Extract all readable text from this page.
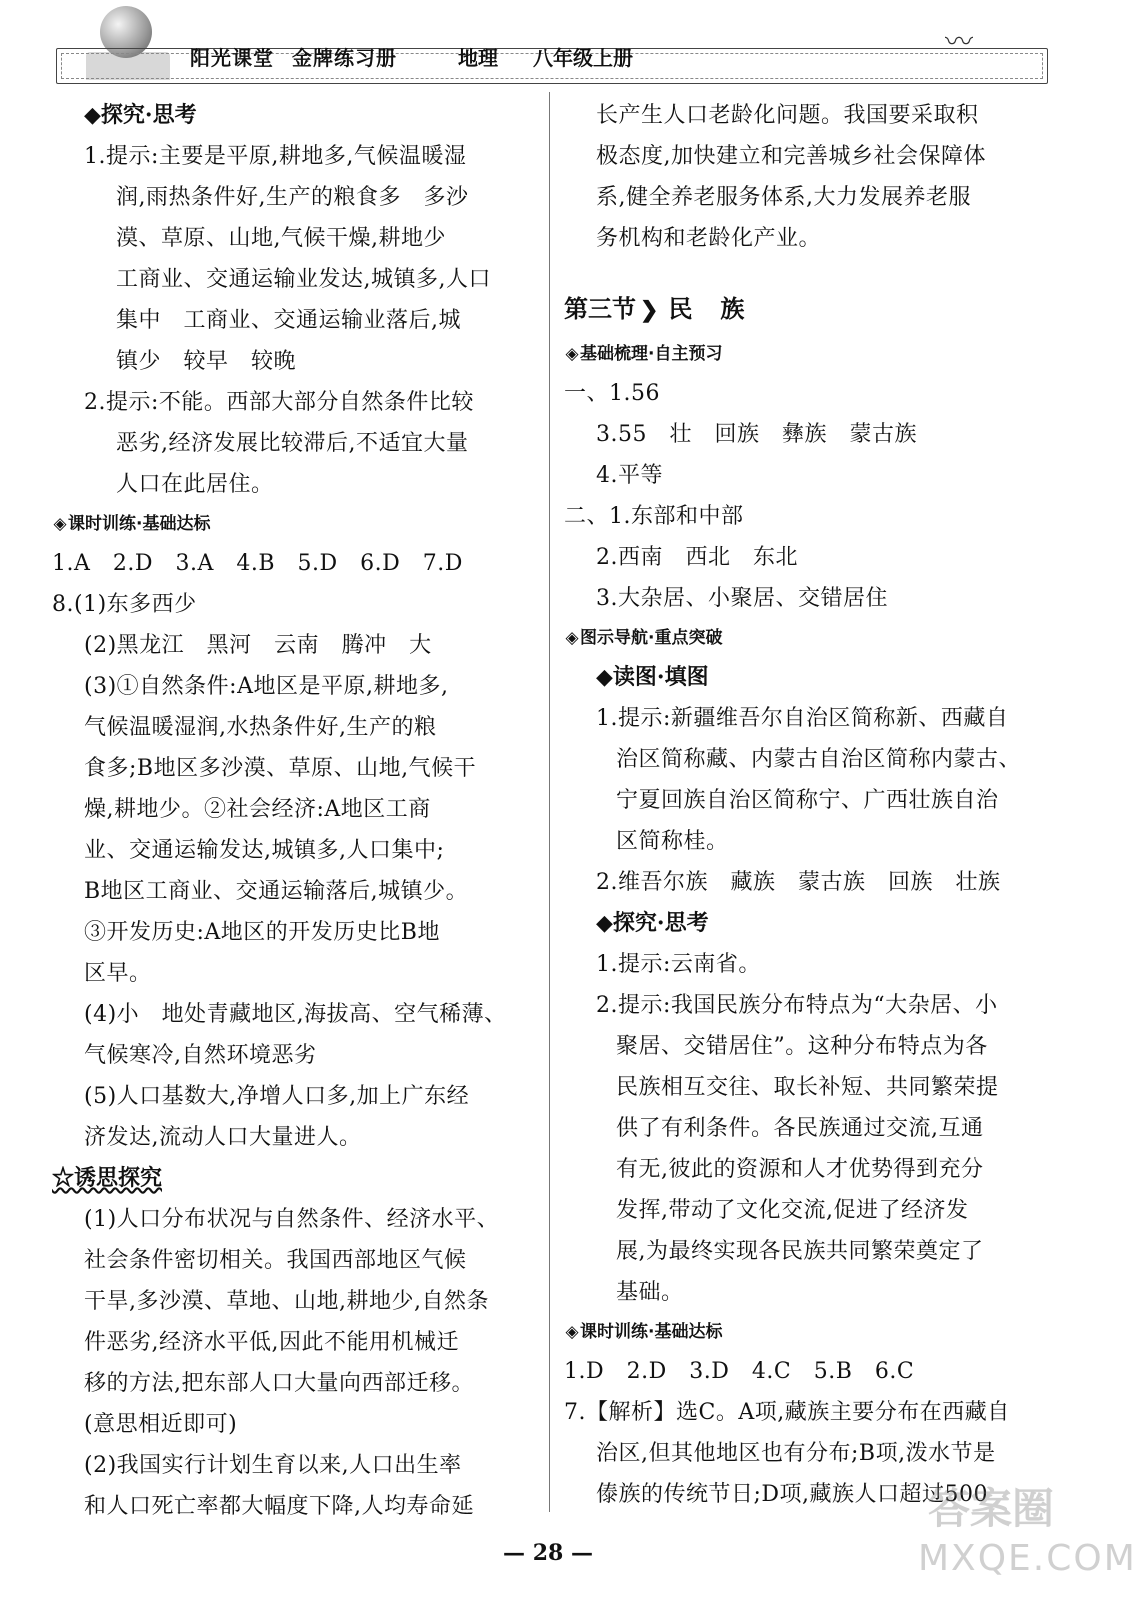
阳光课堂 金牌练习册	地理 八年级上册	〰︎
◆探究·思考
1.提示:主要是平原,耕地多,气候温暖湿
润,雨热条件好,生产的粮食多　多沙
漠、草原、山地,气候干燥,耕地少
工商业、交通运输业发达,城镇多,人口
集中　工商业、交通运输业落后,城
镇少　较早　较晚
2.提示:不能。西部大部分自然条件比较
恶劣,经济发展比较滞后,不适宜大量
人口在此居住。
◈课时训练·基础达标
1.A　2.D　3.A　4.B　5.D　6.D　7.D
8.(1)东多西少
(2)黑龙江　黑河　云南　腾冲　大
(3)①自然条件:A地区是平原,耕地多,
气候温暖湿润,水热条件好,生产的粮
食多;B地区多沙漠、草原、山地,气候干
燥,耕地少。②社会经济:A地区工商
业、交通运输发达,城镇多,人口集中;
B地区工商业、交通运输落后,城镇少。
③开发历史:A地区的开发历史比B地
区早。
(4)小　地处青藏地区,海拔高、空气稀薄、
气候寒冷,自然环境恶劣
(5)人口基数大,净增人口多,加上广东经
济发达,流动人口大量进人。
☆诱思探究
(1)人口分布状况与自然条件、经济水平、
社会条件密切相关。我国西部地区气候
干旱,多沙漠、草地、山地,耕地少,自然条
件恶劣,经济水平低,因此不能用机械迁
移的方法,把东部人口大量向西部迁移。
(意思相近即可)
(2)我国实行计划生育以来,人口出生率
和人口死亡率都大幅度下降,人均寿命延
长产生人口老龄化问题。我国要采取积
极态度,加快建立和完善城乡社会保障体
系,健全养老服务体系,大力发展养老服
务机构和老龄化产业。
第三节 ❯ 民族
◈基础梳理·自主预习
一、1.56
3.55　壮　回族　彝族　蒙古族
4.平等
二、1.东部和中部
2.西南　西北　东北
3.大杂居、小聚居、交错居住
◈图示导航·重点突破
◆读图·填图
1.提示:新疆维吾尔自治区简称新、西藏自
治区简称藏、内蒙古自治区简称内蒙古、
宁夏回族自治区简称宁、广西壮族自治
区简称桂。
2.维吾尔族　藏族　蒙古族　回族　壮族
◆探究·思考
1.提示:云南省。
2.提示:我国民族分布特点为“大杂居、小
聚居、交错居住”。这种分布特点为各
民族相互交往、取长补短、共同繁荣提
供了有利条件。各民族通过交流,互通
有无,彼此的资源和人才优势得到充分
发挥,带动了文化交流,促进了经济发
展,为最终实现各民族共同繁荣奠定了
基础。
◈课时训练·基础达标
1.D　2.D　3.D　4.C　5.B　6.C
7.【解析】选C。A项,藏族主要分布在西藏自
治区,但其他地区也有分布;B项,泼水节是
傣族的传统节日;D项,藏族人口超过500
— 28 —
答案圈
MXQE.COM
